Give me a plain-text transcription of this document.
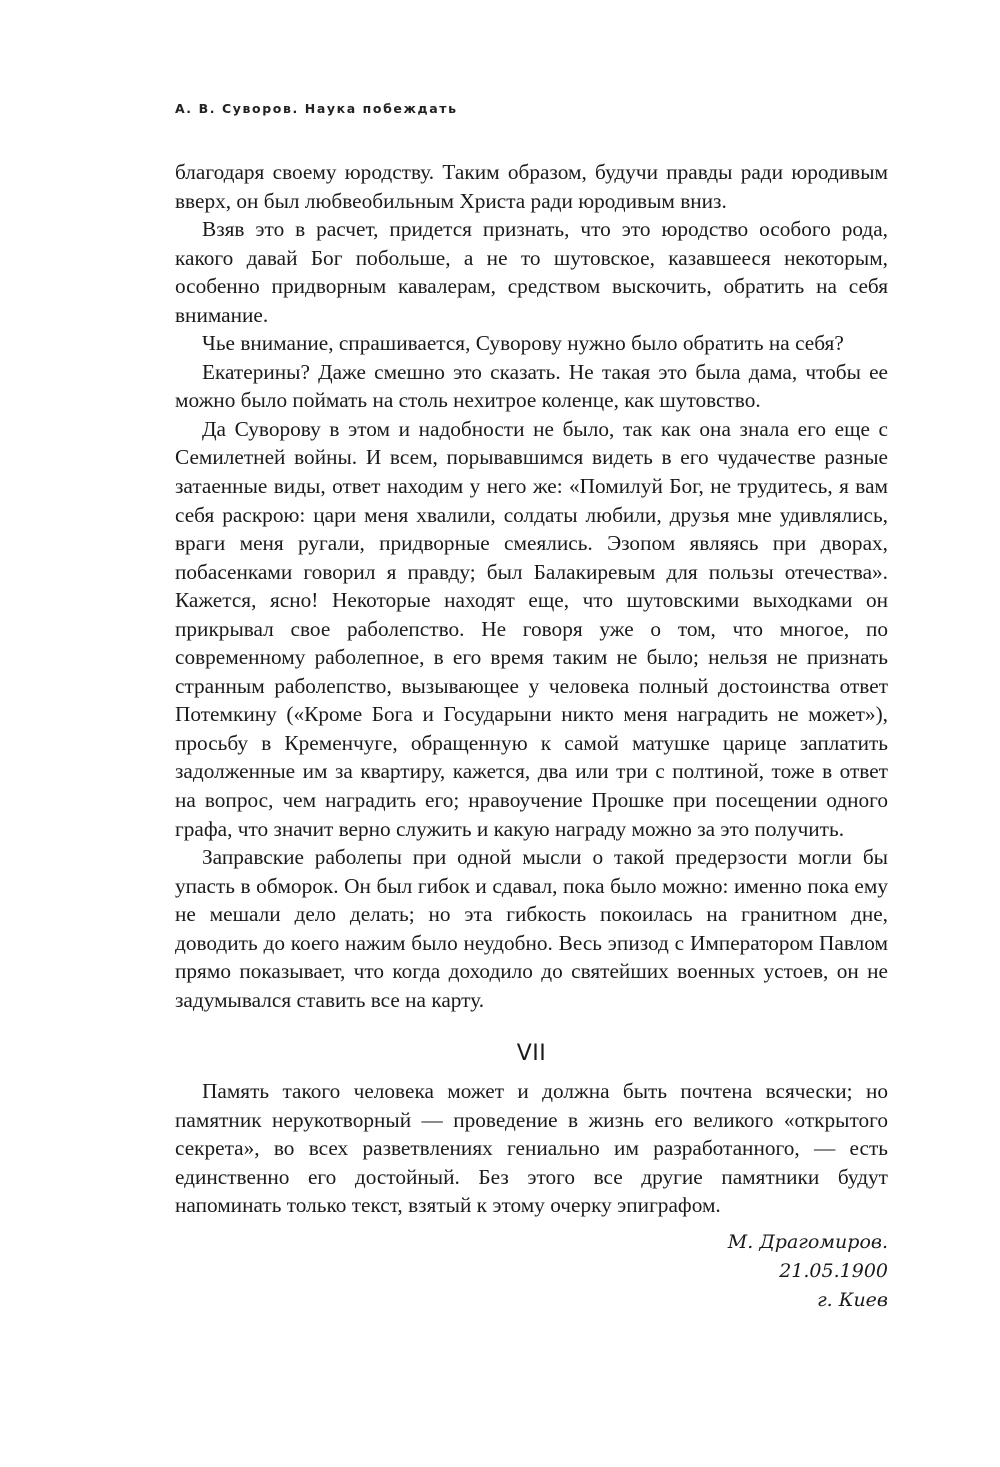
А. В. Суворов. Наука побеждать

благодаря своему юродству. Таким образом, будучи правды ради юродивым вверх, он был любвеобильным Христа ради юродивым вниз.

Взяв это в расчет, придется признать, что это юродство особого рода, какого давай Бог побольше, а не то шутовское, казавшееся некоторым, особенно придворным кавалерам, средством выскочить, обратить на себя внимание.

Чье внимание, спрашивается, Суворову нужно было обратить на себя?

Екатерины? Даже смешно это сказать. Не такая это была дама, чтобы ее можно было поймать на столь нехитрое коленце, как шутовство.

Да Суворову в этом и надобности не было, так как она знала его еще с Семилетней войны. И всем, порывавшимся видеть в его чудачестве разные затаенные виды, ответ находим у него же: «Помилуй Бог, не трудитесь, я вам себя раскрою: цари меня хвалили, солдаты любили, друзья мне удивлялись, враги меня ругали, придворные смеялись. Эзопом являясь при дворах, побасенками говорил я правду; был Балакиревым для пользы отечества». Кажется, ясно! Некоторые находят еще, что шутовскими выходками он прикрывал свое раболепство. Не говоря уже о том, что многое, по современному раболепное, в его время таким не было; нельзя не признать странным раболепство, вызывающее у человека полный достоинства ответ Потемкину («Кроме Бога и Государыни никто меня наградить не может»), просьбу в Кременчуге, обращенную к самой матушке царице заплатить задолженные им за квартиру, кажется, два или три с полтиной, тоже в ответ на вопрос, чем наградить его; нравоучение Прошке при посещении одного графа, что значит верно служить и какую награду можно за это получить.

Заправские раболепы при одной мысли о такой предерзости могли бы упасть в обморок. Он был гибок и сдавал, пока было можно: именно пока ему не мешали дело делать; но эта гибкость покоилась на гранитном дне, доводить до коего нажим было неудобно. Весь эпизод с Императором Павлом прямо показывает, что когда доходило до святейших военных устоев, он не задумывался ставить все на карту.

VII

Память такого человека может и должна быть почтена всячески; но памятник нерукотворный — проведение в жизнь его великого «открытого секрета», во всех разветвлениях гениально им разработанного, — есть единственно его достойный. Без этого все другие памятники будут напоминать только текст, взятый к этому очерку эпиграфом.

М. Драгомиров.
21.05.1900
г. Киев
